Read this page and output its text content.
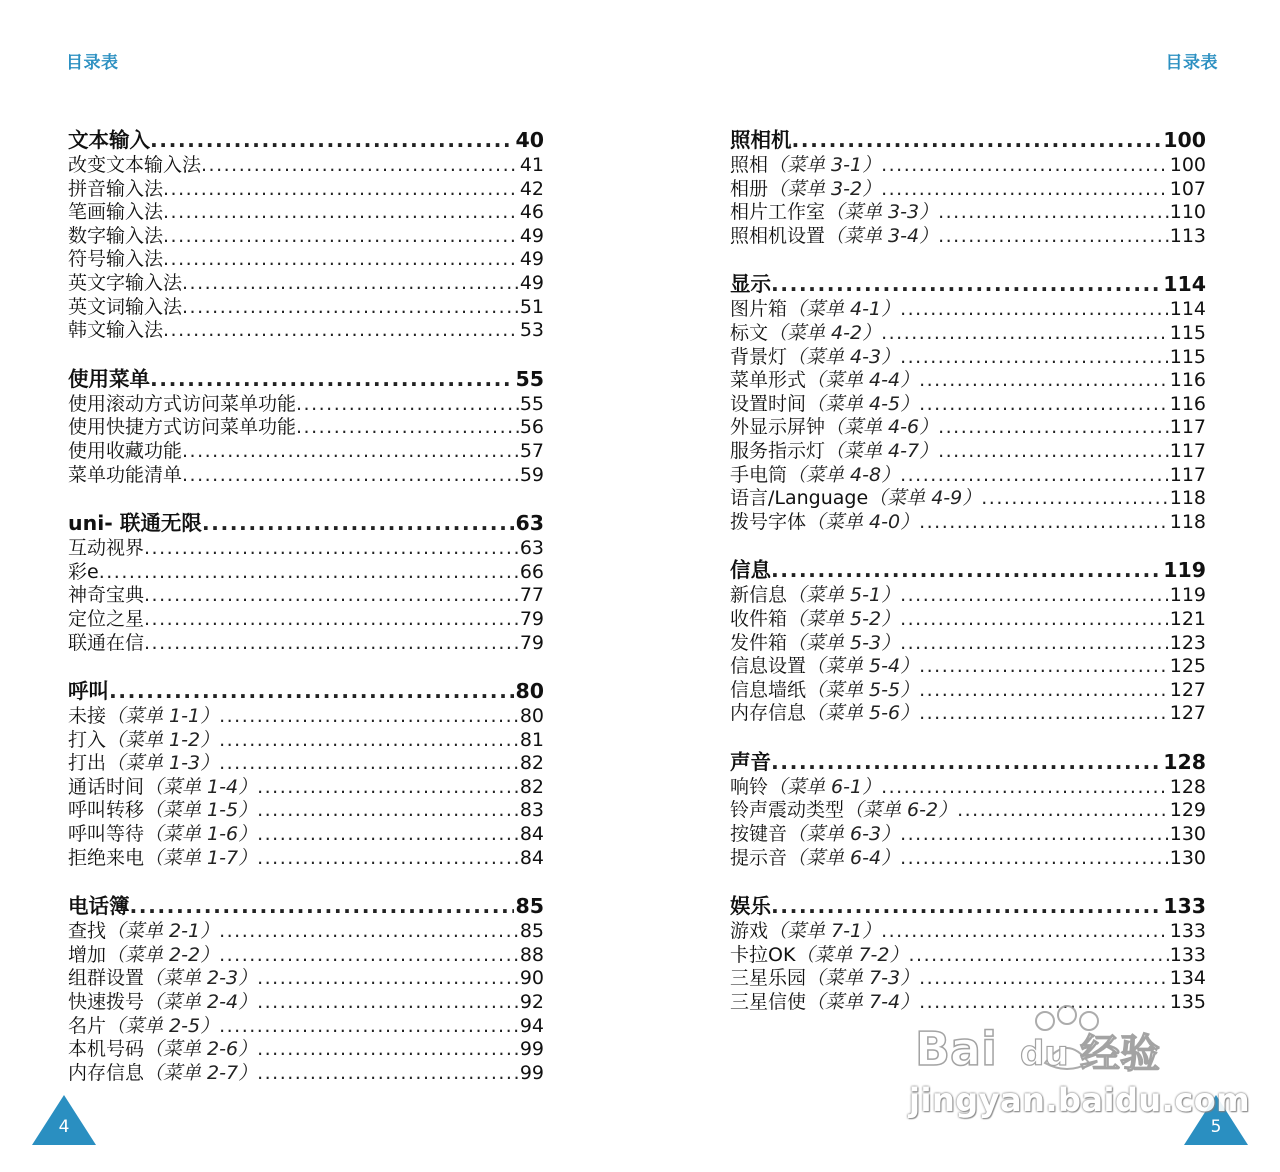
目录表
文本输入 .....	40
改变文本输入法 .....	41
拼音输入法 .....	42
笔画输入法 .....	46
数字输入法 .....	49
符号输入法 .....	49
英文字输入法 .....	49
英文词输入法 .....	51
韩文输入法 .....	53
使用菜单 .....	55
使用滚动方式访问菜单功能 .....	55
使用快捷方式访问菜单功能 .....	56
使用收藏功能 .....	57
菜单功能清单 .....	59
uni- 联通无限 .....	63
互动视界 .....	63
彩e .....	66
神奇宝典 .....	77
定位之星 .....	79
联通在信 .....	79
呼叫 .....	80
未接 （菜单 1-1） .....	80
打入 （菜单 1-2） .....	81
打出 （菜单 1-3） .....	82
通话时间 （菜单 1-4） .....	82
呼叫转移 （菜单 1-5） .....	83
呼叫等待 （菜单 1-6） .....	84
拒绝来电 （菜单 1-7） .....	84
电话簿 .....	85
查找 （菜单 2-1） .....	85
增加 （菜单 2-2） .....	88
组群设置 （菜单 2-3） .....	90
快速拨号 （菜单 2-4） .....	92
名片 （菜单 2-5） .....	94
本机号码 （菜单 2-6） .....	99
内存信息 （菜单 2-7） .....	99
4
目录表
照相机 .....	100
照相 （菜单 3-1） .....	100
相册 （菜单 3-2） .....	107
相片工作室 （菜单 3-3） .....	110
照相机设置 （菜单 3-4） .....	113
显示 .....	114
图片箱 （菜单 4-1） .....	114
标文 （菜单 4-2） .....	115
背景灯 （菜单 4-3） .....	115
菜单形式 （菜单 4-4） .....	116
设置时间 （菜单 4-5） .....	116
外显示屏钟 （菜单 4-6） .....	117
服务指示灯 （菜单 4-7） .....	117
手电筒 （菜单 4-8） .....	117
语言/Language （菜单 4-9） .....	118
拨号字体 （菜单 4-0） .....	118
信息 .....	119
新信息 （菜单 5-1） .....	119
收件箱 （菜单 5-2） .....	121
发件箱 （菜单 5-3） .....	123
信息设置 （菜单 5-4） .....	125
信息墙纸 （菜单 5-5） .....	127
内存信息 （菜单 5-6） .....	127
声音 .....	128
响铃 （菜单 6-1） .....	128
铃声震动类型 （菜单 6-2） .....	129
按键音 （菜单 6-3） .....	130
提示音 （菜单 6-4） .....	130
娱乐 .....	133
游戏 （菜单 7-1） .....	133
卡拉OK （菜单 7-2） .....	133
三星乐园 （菜单 7-3） .....	134
三星信使 （菜单 7-4） .....	135
5
Bai du 经验
jingyan.baidu.com
